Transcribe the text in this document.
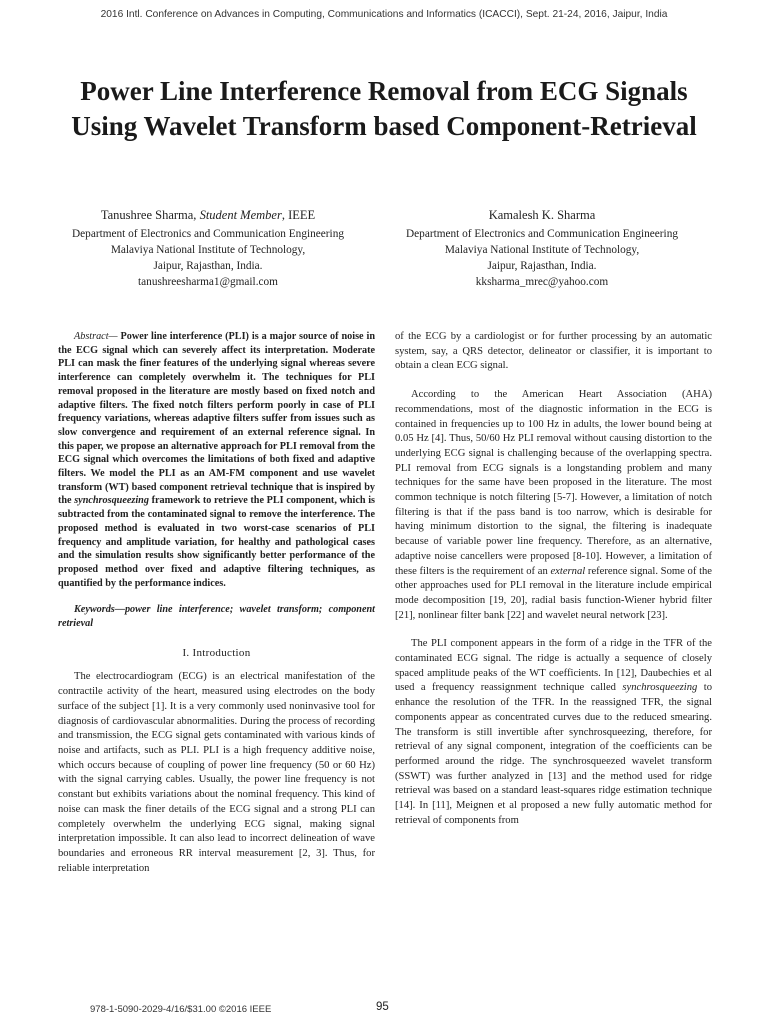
2016 Intl. Conference on Advances in Computing, Communications and Informatics (ICACCI), Sept. 21-24, 2016, Jaipur, India
Power Line Interference Removal from ECG Signals Using Wavelet Transform based Component-Retrieval
Tanushree Sharma, Student Member, IEEE
Department of Electronics and Communication Engineering
Malaviya National Institute of Technology,
Jaipur, Rajasthan, India.
tanushreesharma1@gmail.com
Kamalesh K. Sharma
Department of Electronics and Communication Engineering
Malaviya National Institute of Technology,
Jaipur, Rajasthan, India.
kksharma_mrec@yahoo.com

Abstract— Power line interference (PLI) is a major source of noise in the ECG signal which can severely affect its interpretation. Moderate PLI can mask the finer features of the underlying signal whereas severe interference can completely overwhelm it. The techniques for PLI removal proposed in the literature are mostly based on fixed notch and adaptive filters. The fixed notch filters perform poorly in case of PLI frequency variations, whereas adaptive filters suffer from issues such as slow convergence and requirement of an external reference signal. In this paper, we propose an alternative approach for PLI removal from the ECG signal which overcomes the limitations of both fixed and adaptive filters. We model the PLI as an AM-FM component and use wavelet transform (WT) based component retrieval technique that is inspired by the synchrosqueezing framework to retrieve the PLI component, which is subtracted from the contaminated signal to remove the interference. The proposed method is evaluated in two worst-case scenarios of PLI frequency and amplitude variation, for healthy and pathological cases and the simulation results show significantly better performance of the proposed method over fixed and adaptive filtering techniques, as quantified by the performance indices.

Keywords—power line interference; wavelet transform; component retrieval

I. Introduction

The electrocardiogram (ECG) is an electrical manifestation of the contractile activity of the heart, measured using electrodes on the body surface of the subject [1]. It is a very commonly used noninvasive tool for diagnosis of cardiovascular abnormalities. During the process of recording and transmission, the ECG signal gets contaminated with various kinds of noise and artifacts, such as PLI. PLI is a high frequency additive noise, which occurs because of coupling of power line frequency (50 or 60 Hz) with the signal carrying cables. Usually, the power line frequency is not constant but exhibits variations about the nominal frequency. This kind of noise can mask the finer details of the ECG signal and a strong PLI can completely overwhelm the underlying ECG signal, making signal interpretation impossible. It can also lead to incorrect delineation of wave boundaries and erroneous RR interval measurement [2, 3]. Thus, for reliable interpretation

of the ECG by a cardiologist or for further processing by an automatic system, say, a QRS detector, delineator or classifier, it is important to obtain a clean ECG signal.

According to the American Heart Association (AHA) recommendations, most of the diagnostic information in the ECG is contained in frequencies up to 100 Hz in adults, the lower bound being at 0.05 Hz [4]. Thus, 50/60 Hz PLI removal without causing distortion to the underlying ECG signal is challenging because of the overlapping spectra. PLI removal from ECG signals is a longstanding problem and many techniques for the same have been proposed in the literature. The most common technique is notch filtering [5-7]. However, a limitation of notch filtering is that if the pass band is too narrow, which is desirable for having minimum distortion to the signal, the filtering is inadequate because of variable power line frequency. Therefore, as an alternative, adaptive noise cancellers were proposed [8-10]. However, a limitation of these filters is the requirement of an external reference signal. Some of the other approaches used for PLI removal in the literature include empirical mode decomposition [19, 20], radial basis function-Wiener hybrid filter [21], nonlinear filter bank [22] and wavelet neural network [23].

The PLI component appears in the form of a ridge in the TFR of the contaminated ECG signal. The ridge is actually a sequence of closely spaced amplitude peaks of the WT coefficients. In [12], Daubechies et al used a frequency reassignment technique called synchrosqueezing to enhance the resolution of the TFR. In the reassigned TFR, the signal components appear as concentrated curves due to the reduced smearing. The transform is still invertible after synchrosqueezing, therefore, for retrieval of any signal component, integration of the coefficients can be performed around the ridge. The synchrosqueezed wavelet transform (SSWT) was further analyzed in [13] and the method used for ridge retrieval was based on a standard least-squares ridge estimation technique [14]. In [11], Meignen et al proposed a new fully automatic method for retrieval of components from

978-1-5090-2029-4/16/$31.00 ©2016 IEEE	95
